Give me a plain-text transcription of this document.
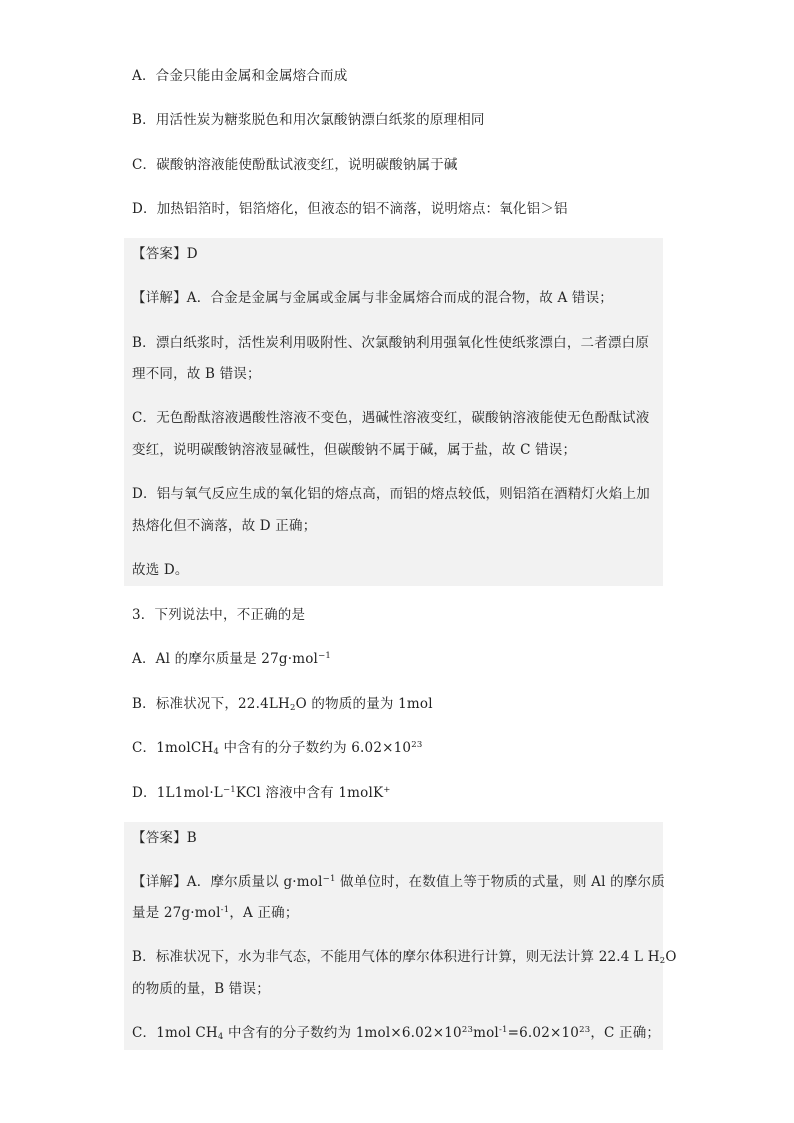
A．合金只能由金属和金属熔合而成
B．用活性炭为糖浆脱色和用次氯酸钠漂白纸浆的原理相同
C．碳酸钠溶液能使酚酞试液变红，说明碳酸钠属于碱
D．加热铝箔时，铝箔熔化，但液态的铝不滴落，说明熔点：氧化铝＞铝
【答案】D
【详解】A．合金是金属与金属或金属与非金属熔合而成的混合物，故 A 错误；
B．漂白纸浆时，活性炭利用吸附性、次氯酸钠利用强氧化性使纸浆漂白，二者漂白原
理不同，故 B 错误；
C．无色酚酞溶液遇酸性溶液不变色，遇碱性溶液变红，碳酸钠溶液能使无色酚酞试液
变红，说明碳酸钠溶液显碱性，但碳酸钠不属于碱，属于盐，故 C 错误；
D．铝与氧气反应生成的氧化铝的熔点高，而铝的熔点较低，则铝箔在酒精灯火焰上加
热熔化但不滴落，故 D 正确；
故选 D。
3．下列说法中，不正确的是
A．Al 的摩尔质量是 27g·mol$^{-1}$
B．标准状况下，$22.4LH_2O$ 的物质的量为 1mol
C．1molCH$_4$ 中含有的分子数约为 $6.02\times 10^{23}$
D．$1L1mol\cdot L^{-1}KCl$ 溶液中含有 1molK+
【答案】B
【详解】A．摩尔质量以 g·mol$^{-1}$ 做单位时，在数值上等于物质的式量，则 Al 的摩尔质
量是 27g·mol$^{-1}$，A 正确；
B．标准状况下，水为非气态，不能用气体的摩尔体积进行计算，则无法计算 22.4 L $H_2O$
的物质的量，B 错误；
C．1mol $CH_4$ 中含有的分子数约为 $1mol\times 6.02\times 10^{23}mol^{-1}=6.02\times 10^{23}$，C 正确；
